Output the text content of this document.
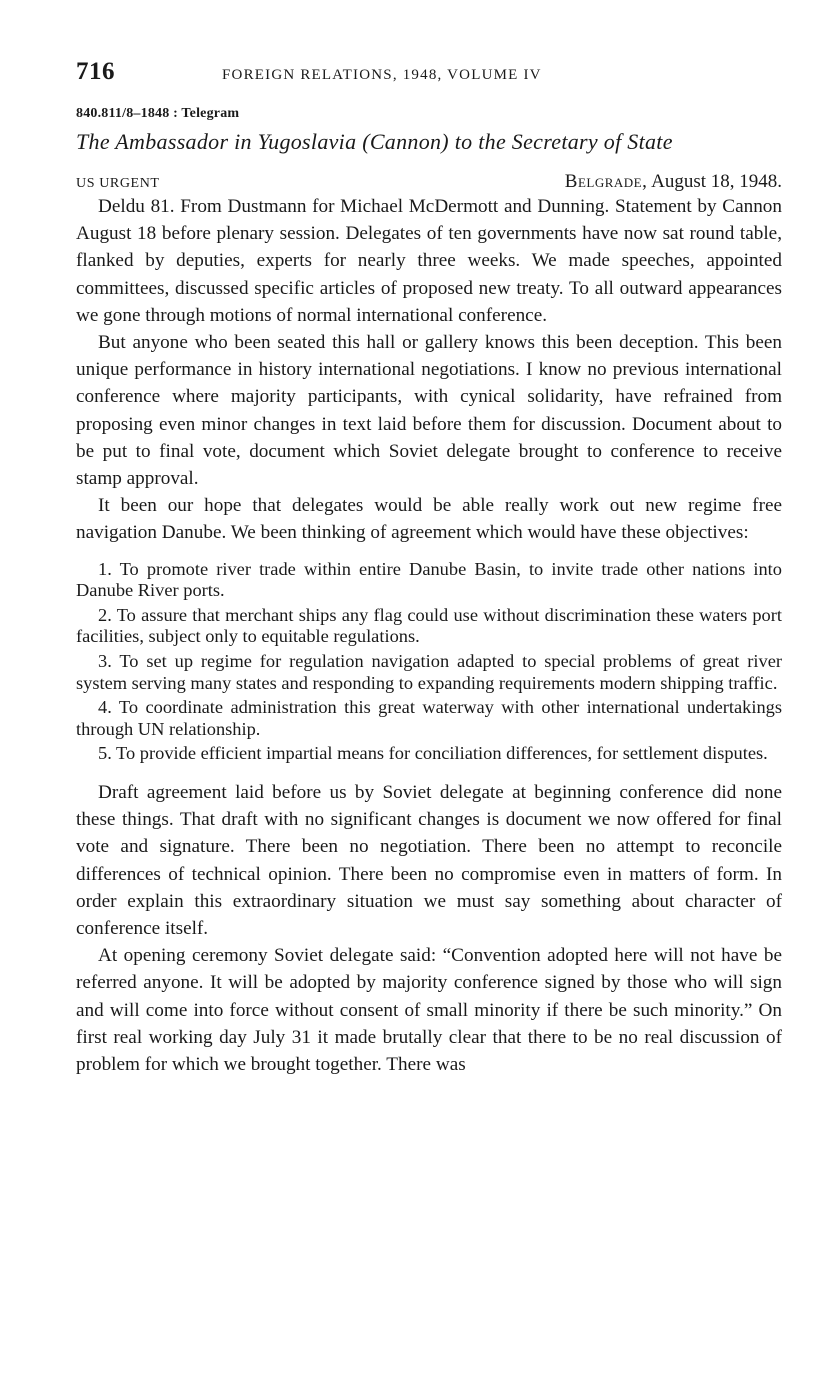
716	FOREIGN RELATIONS, 1948, VOLUME IV
840.811/8–1848 : Telegram
The Ambassador in Yugoslavia (Cannon) to the Secretary of State
US URGENT	Belgrade, August 18, 1948.

Deldu 81. From Dustmann for Michael McDermott and Dunning. Statement by Cannon August 18 before plenary session. Delegates of ten governments have now sat round table, flanked by deputies, experts for nearly three weeks. We made speeches, appointed committees, discussed specific articles of proposed new treaty. To all outward appearances we gone through motions of normal international conference.

But anyone who been seated this hall or gallery knows this been deception. This been unique performance in history international negotiations. I know no previous international conference where majority participants, with cynical solidarity, have refrained from proposing even minor changes in text laid before them for discussion. Document about to be put to final vote, document which Soviet delegate brought to conference to receive stamp approval.

It been our hope that delegates would be able really work out new regime free navigation Danube. We been thinking of agreement which would have these objectives:

1. To promote river trade within entire Danube Basin, to invite trade other nations into Danube River ports.
2. To assure that merchant ships any flag could use without discrimination these waters port facilities, subject only to equitable regulations.
3. To set up regime for regulation navigation adapted to special problems of great river system serving many states and responding to expanding requirements modern shipping traffic.
4. To coordinate administration this great waterway with other international undertakings through UN relationship.
5. To provide efficient impartial means for conciliation differences, for settlement disputes.

Draft agreement laid before us by Soviet delegate at beginning conference did none these things. That draft with no significant changes is document we now offered for final vote and signature. There been no negotiation. There been no attempt to reconcile differences of technical opinion. There been no compromise even in matters of form. In order explain this extraordinary situation we must say something about character of conference itself.

At opening ceremony Soviet delegate said: “Convention adopted here will not have be referred anyone. It will be adopted by majority conference signed by those who will sign and will come into force without consent of small minority if there be such minority.” On first real working day July 31 it made brutally clear that there to be no real discussion of problem for which we brought together. There was
